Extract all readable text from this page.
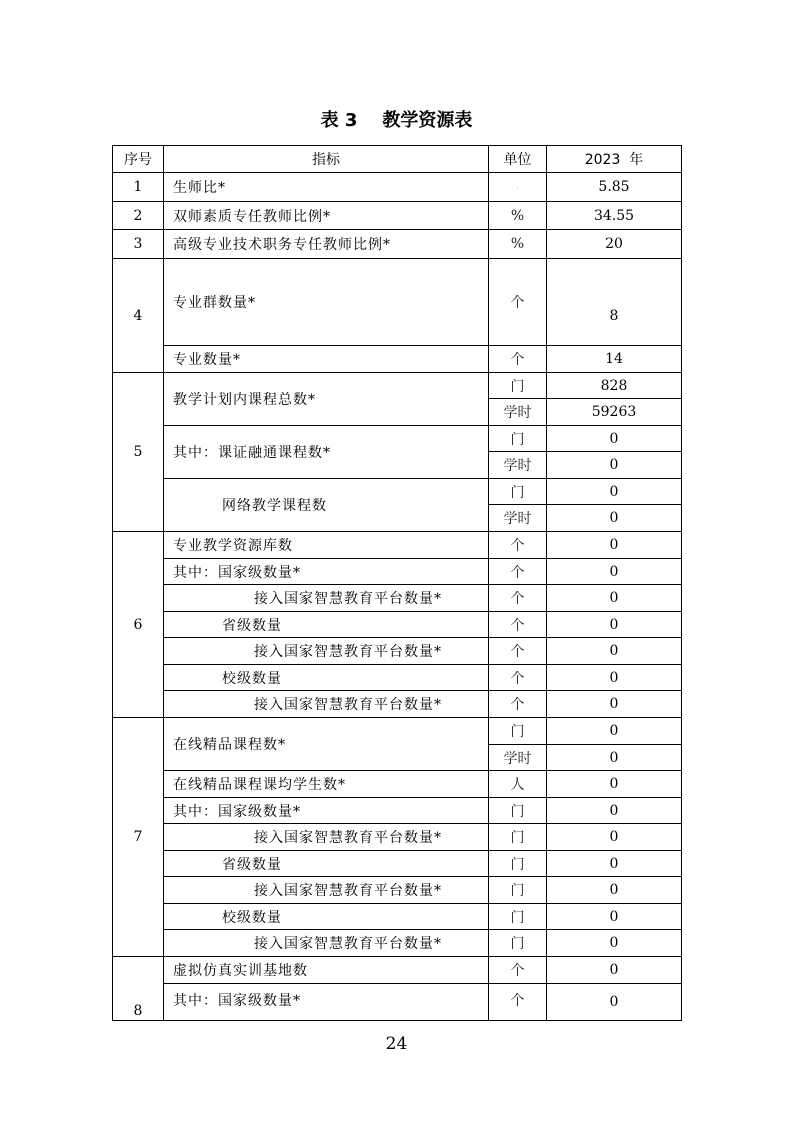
表 3    教学资源表
序号	指标	单位	2023  年
1	生师比*	·	5.85
2	双师素质专任教师比例*	%	34.55
3	高级专业技术职务专任教师比例*	%	20
4	专业群数量*	个	8
	专业数量*	个	14
5	教学计划内课程总数*	门	828
		学时	59263
	其中：课证融通课程数*	门	0
		学时	0
	网络教学课程数	门	0
		学时	0
6	专业教学资源库数	个	0
	其中：国家级数量*	个	0
	接入国家智慧教育平台数量*	个	0
	省级数量	个	0
	接入国家智慧教育平台数量*	个	0
	校级数量	个	0
	接入国家智慧教育平台数量*	个	0
7	在线精品课程数*	门	0
		学时	0
	在线精品课程课均学生数*	人	0
	其中：国家级数量*	门	0
	接入国家智慧教育平台数量*	门	0
	省级数量	门	0
	接入国家智慧教育平台数量*	门	0
	校级数量	门	0
	接入国家智慧教育平台数量*	门	0
8	虚拟仿真实训基地数	个	0
	其中：国家级数量*	个	0
24
